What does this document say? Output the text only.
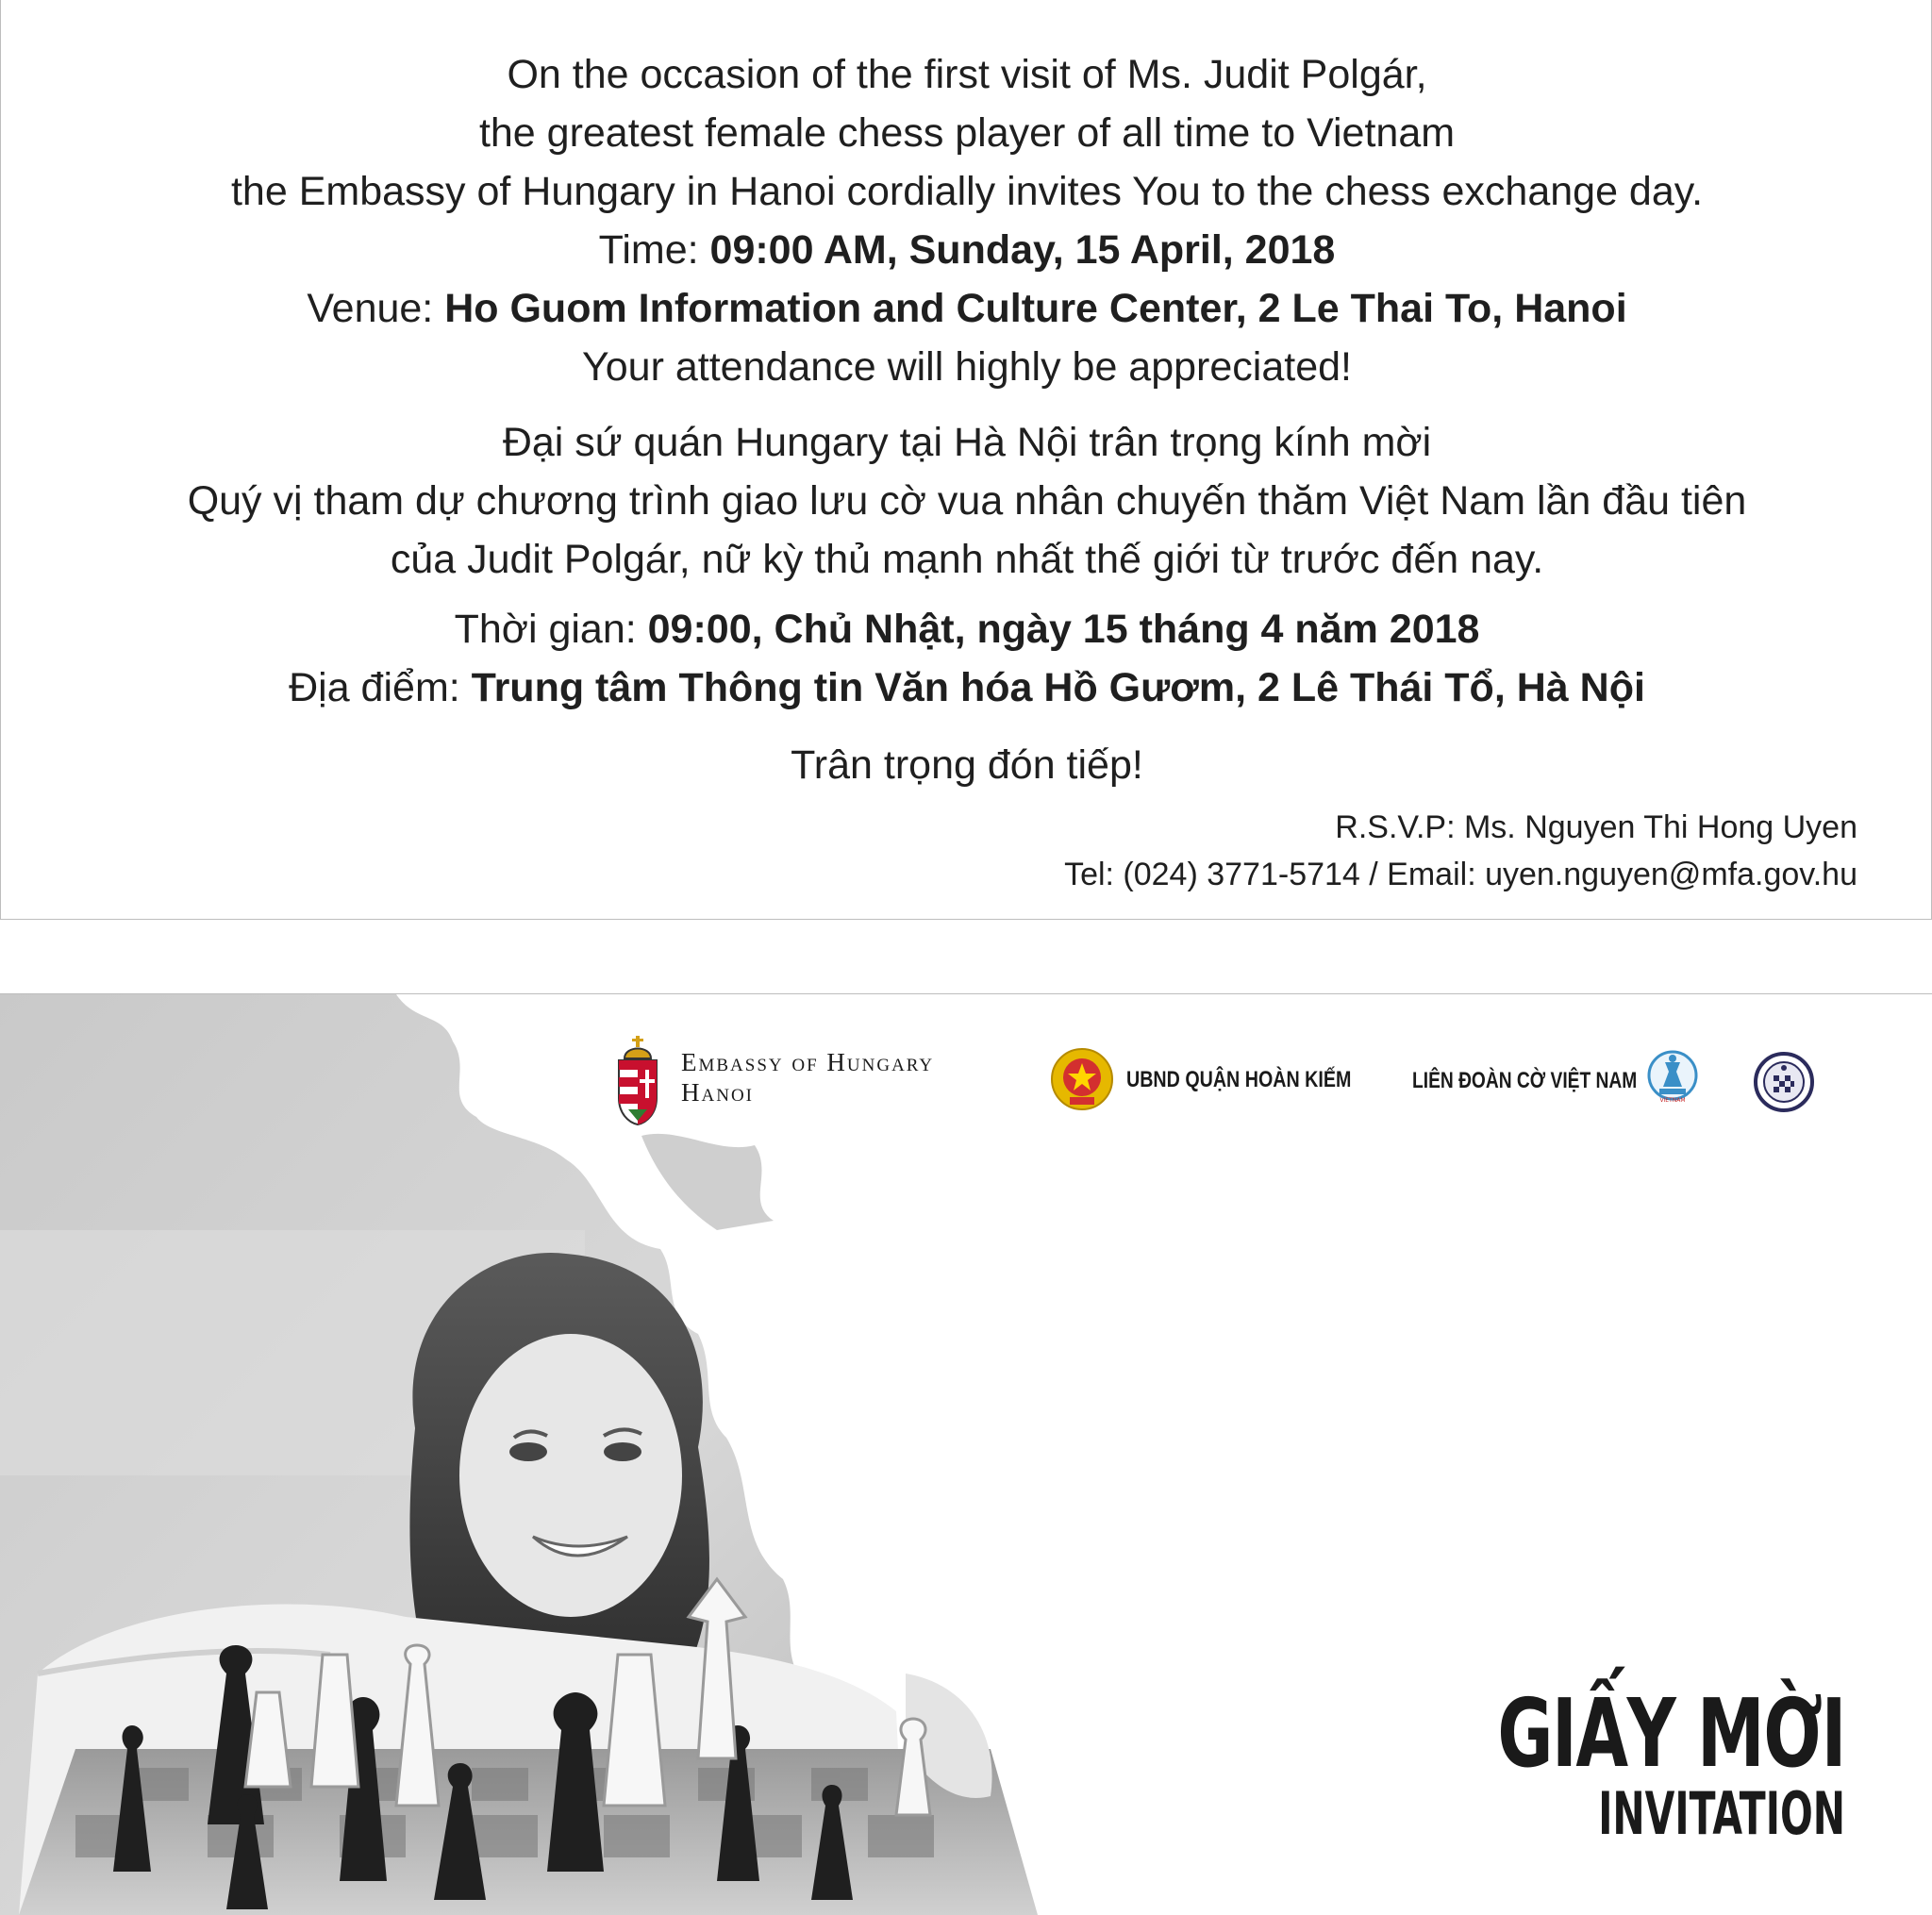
On the occasion of the first visit of Ms. Judit Polgár,

the greatest female chess player of all time to Vietnam

the Embassy of Hungary in Hanoi cordially invites You to the chess exchange day.

Time: 09:00 AM, Sunday, 15 April, 2018

Venue: Ho Guom Information and Culture Center, 2 Le Thai To, Hanoi

Your attendance will highly be appreciated!

Đại sứ quán Hungary tại Hà Nội trân trọng kính mời

Quý vị tham dự chương trình giao lưu cờ vua nhân chuyến thăm Việt Nam lần đầu tiên

của Judit Polgár, nữ kỳ thủ mạnh nhất thế giới từ trước đến nay.

Thời gian: 09:00, Chủ Nhật, ngày 15 tháng 4 năm 2018

Địa điểm: Trung tâm Thông tin Văn hóa Hồ Gươm, 2 Lê Thái Tổ, Hà Nội

Trân trọng đón tiếp!

R.S.V.P: Ms. Nguyen Thi Hong Uyen

Tel: (024) 3771-5714 / Email: uyen.nguyen@mfa.gov.hu

Embassy of Hungary
Hanoi	UBND QUẬN HOÀN KIẾM	LIÊN ĐOÀN CỜ VIỆT NAM
VIETNAM
GIẤY MỜI
INVITATION
